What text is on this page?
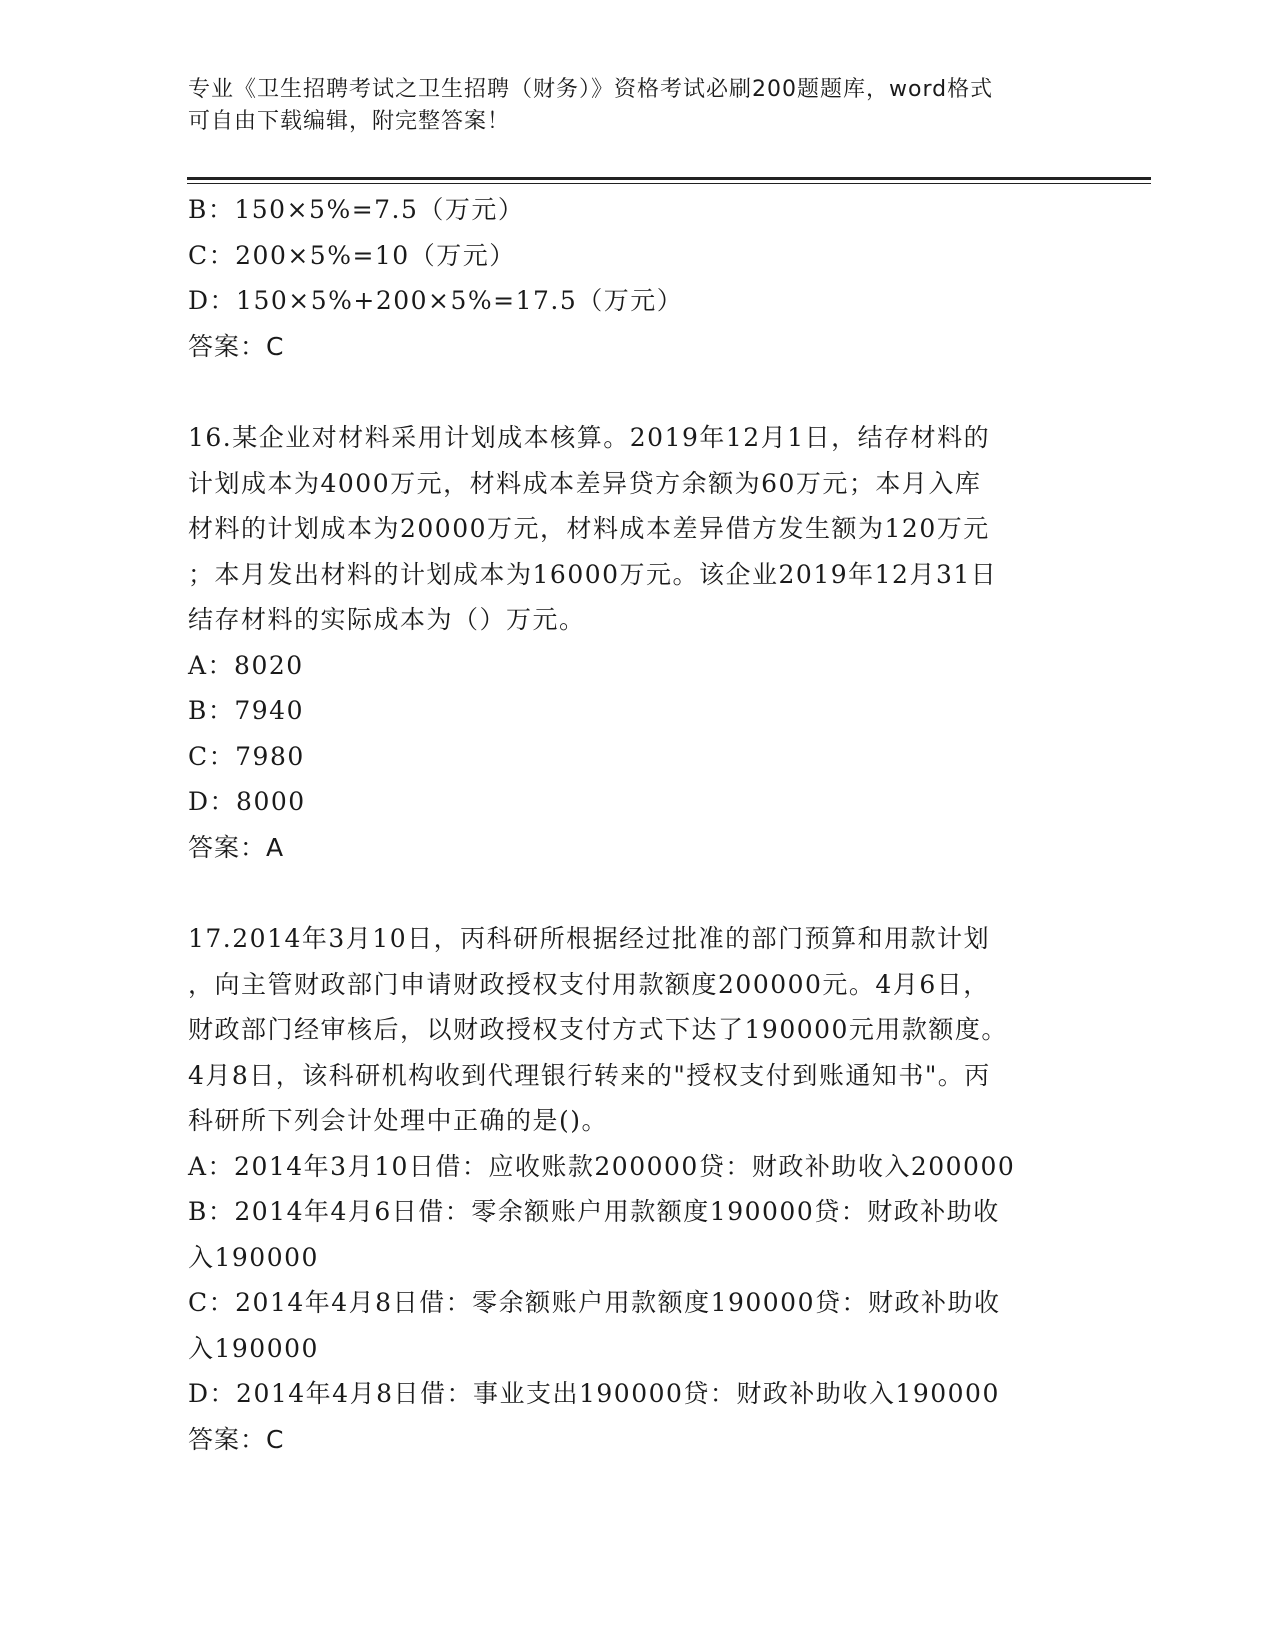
专业《卫生招聘考试之卫生招聘（财务）》资格考试必刷200题题库，word格式
可自由下载编辑，附完整答案！
B：150×5%=7.5（万元）
C：200×5%=10（万元）
D：150×5%+200×5%=17.5（万元）
答案：C
16.某企业对材料采用计划成本核算。2019年12月1日，结存材料的
计划成本为4000万元，材料成本差异贷方余额为60万元；本月入库
材料的计划成本为20000万元，材料成本差异借方发生额为120万元
；本月发出材料的计划成本为16000万元。该企业2019年12月31日
结存材料的实际成本为（）万元。
A：8020
B：7940
C：7980
D：8000
答案：A
17.2014年3月10日，丙科研所根据经过批准的部门预算和用款计划
，向主管财政部门申请财政授权支付用款额度200000元。4月6日，
财政部门经审核后，以财政授权支付方式下达了190000元用款额度。
4月8日，该科研机构收到代理银行转来的"授权支付到账通知书"。丙
科研所下列会计处理中正确的是()。
A：2014年3月10日借：应收账款200000贷：财政补助收入200000
B：2014年4月6日借：零余额账户用款额度190000贷：财政补助收
入190000
C：2014年4月8日借：零余额账户用款额度190000贷：财政补助收
入190000
D：2014年4月8日借：事业支出190000贷：财政补助收入190000
答案：C
